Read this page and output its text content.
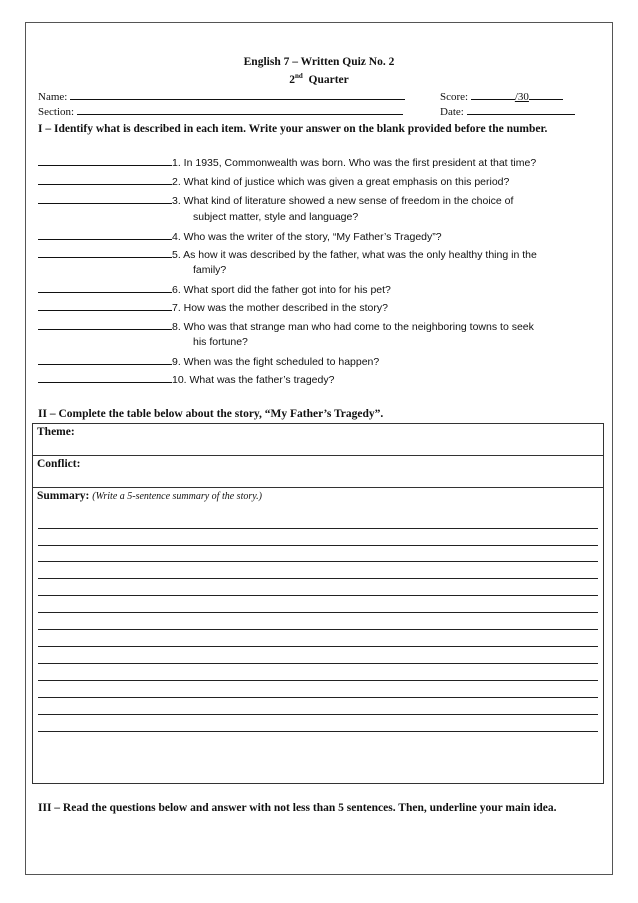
English 7 – Written Quiz No. 2
2nd Quarter
Name:	Score:	/30
Section:	Date:
I – Identify what is described in each item. Write your answer on the blank provided before the number.
1. In 1935, Commonwealth was born. Who was the first president at that time?
2. What kind of justice which was given a great emphasis on this period?
3. What kind of literature showed a new sense of freedom in the choice of
subject matter, style and language?
4. Who was the writer of the story, “My Father’s Tragedy”?
5. As how it was described by the father, what was the only healthy thing in the
family?
6. What sport did the father got into for his pet?
7. How was the mother described in the story?
8. Who was that strange man who had come to the neighboring towns to seek
his fortune?
9. When was the fight scheduled to happen?
10. What was the father’s tragedy?
II – Complete the table below about the story, “My Father’s Tragedy”.
Theme:
Conflict:
Summary: (Write a 5-sentence summary of the story.)
III – Read the questions below and answer with not less than 5 sentences. Then, underline your main idea.
